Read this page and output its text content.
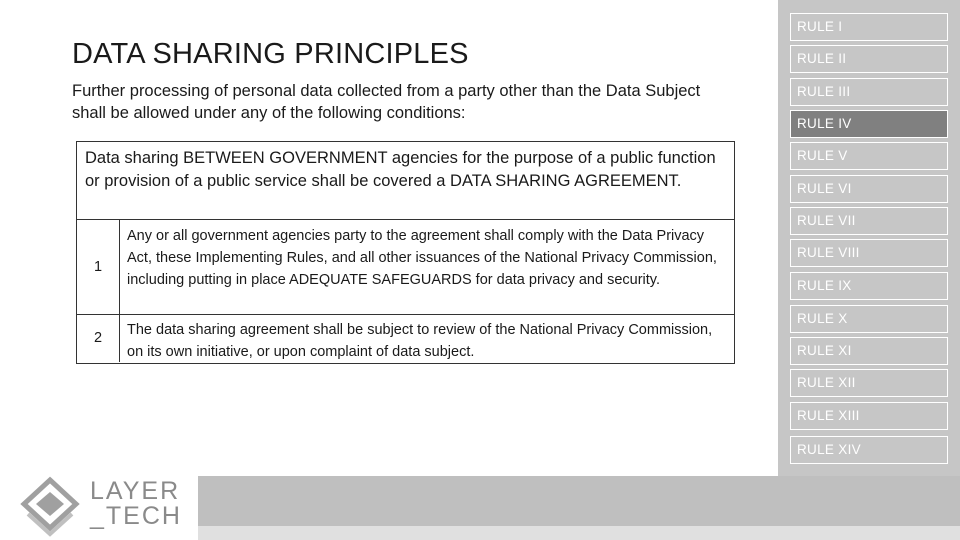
DATA SHARING PRINCIPLES
Further processing of personal data collected from a party other than the Data Subject shall be allowed under any of the following conditions:
Data sharing BETWEEN GOVERNMENT agencies for the purpose of a public function or provision of a public service shall be covered a DATA SHARING AGREEMENT.
1
Any or all government agencies party to the agreement shall comply with the Data Privacy Act, these Implementing Rules, and all other issuances of the National Privacy Commission, including putting in place ADEQUATE SAFEGUARDS for data privacy and security.
2	The data sharing agreement shall be subject to review of the National Privacy Commission, on its own initiative, or upon complaint of data subject.
RULE I
RULE II
RULE III
RULE IV
RULE V
RULE VI
RULE VII
RULE VIII
RULE IX
RULE X
RULE XI
RULE XII
RULE XIII
RULE XIV
LAYER
_TECH
